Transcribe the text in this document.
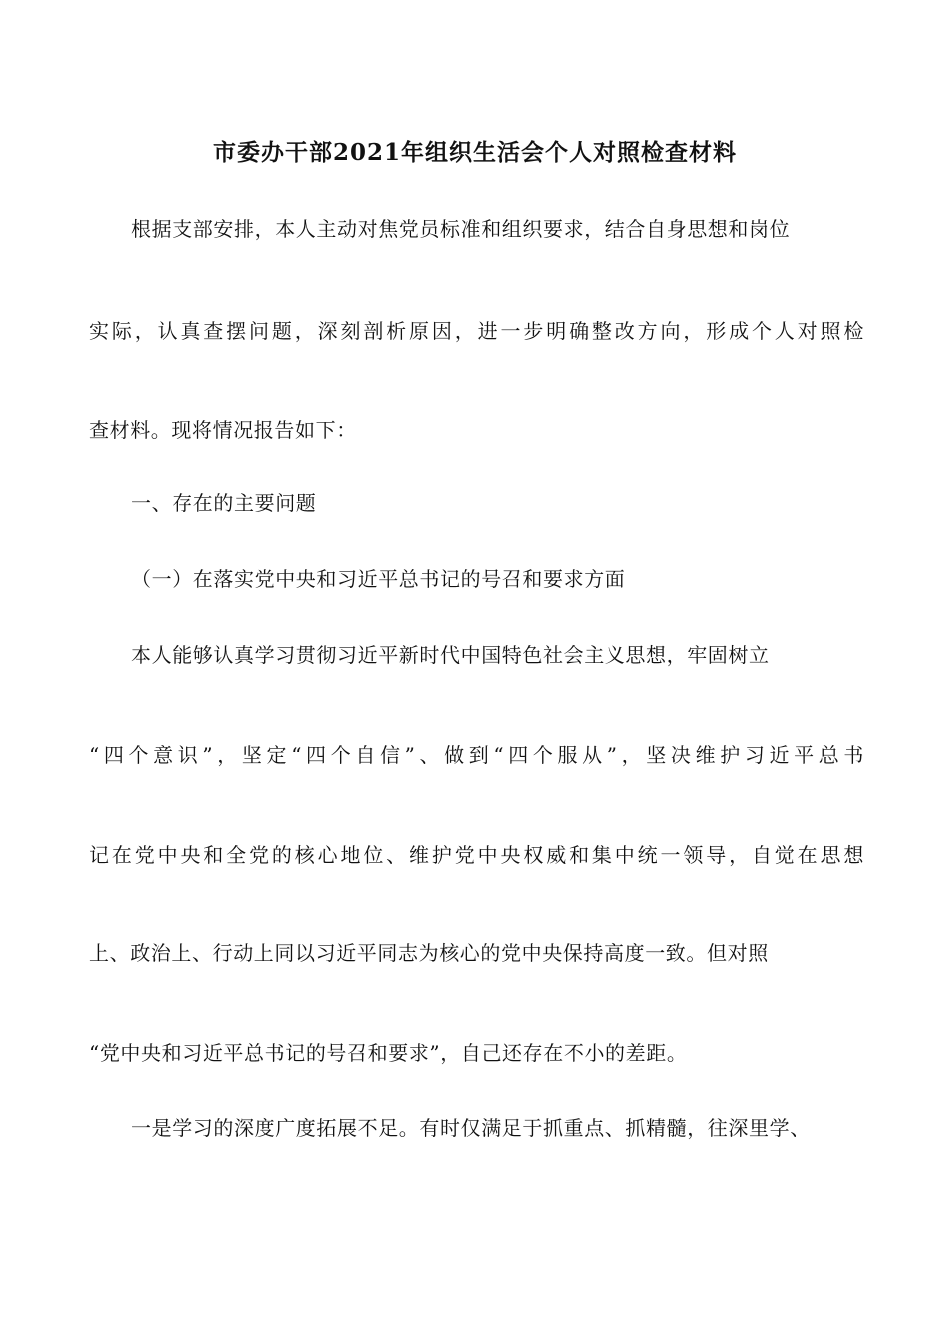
市委办干部2021年组织生活会个人对照检查材料
根据支部安排，本人主动对焦党员标准和组织要求，结合自身思想和岗位
实际，认真查摆问题，深刻剖析原因，进一步明确整改方向，形成个人对照检
查材料。现将情况报告如下：
一、存在的主要问题
（一）在落实党中央和习近平总书记的号召和要求方面
本人能够认真学习贯彻习近平新时代中国特色社会主义思想，牢固树立
“四个意识”，坚定“四个自信”、做到“四个服从”，坚决维护习近平总书
记在党中央和全党的核心地位、维护党中央权威和集中统一领导，自觉在思想
上、政治上、行动上同以习近平同志为核心的党中央保持高度一致。但对照
“党中央和习近平总书记的号召和要求”，自己还存在不小的差距。
一是学习的深度广度拓展不足。有时仅满足于抓重点、抓精髓，往深里学、
